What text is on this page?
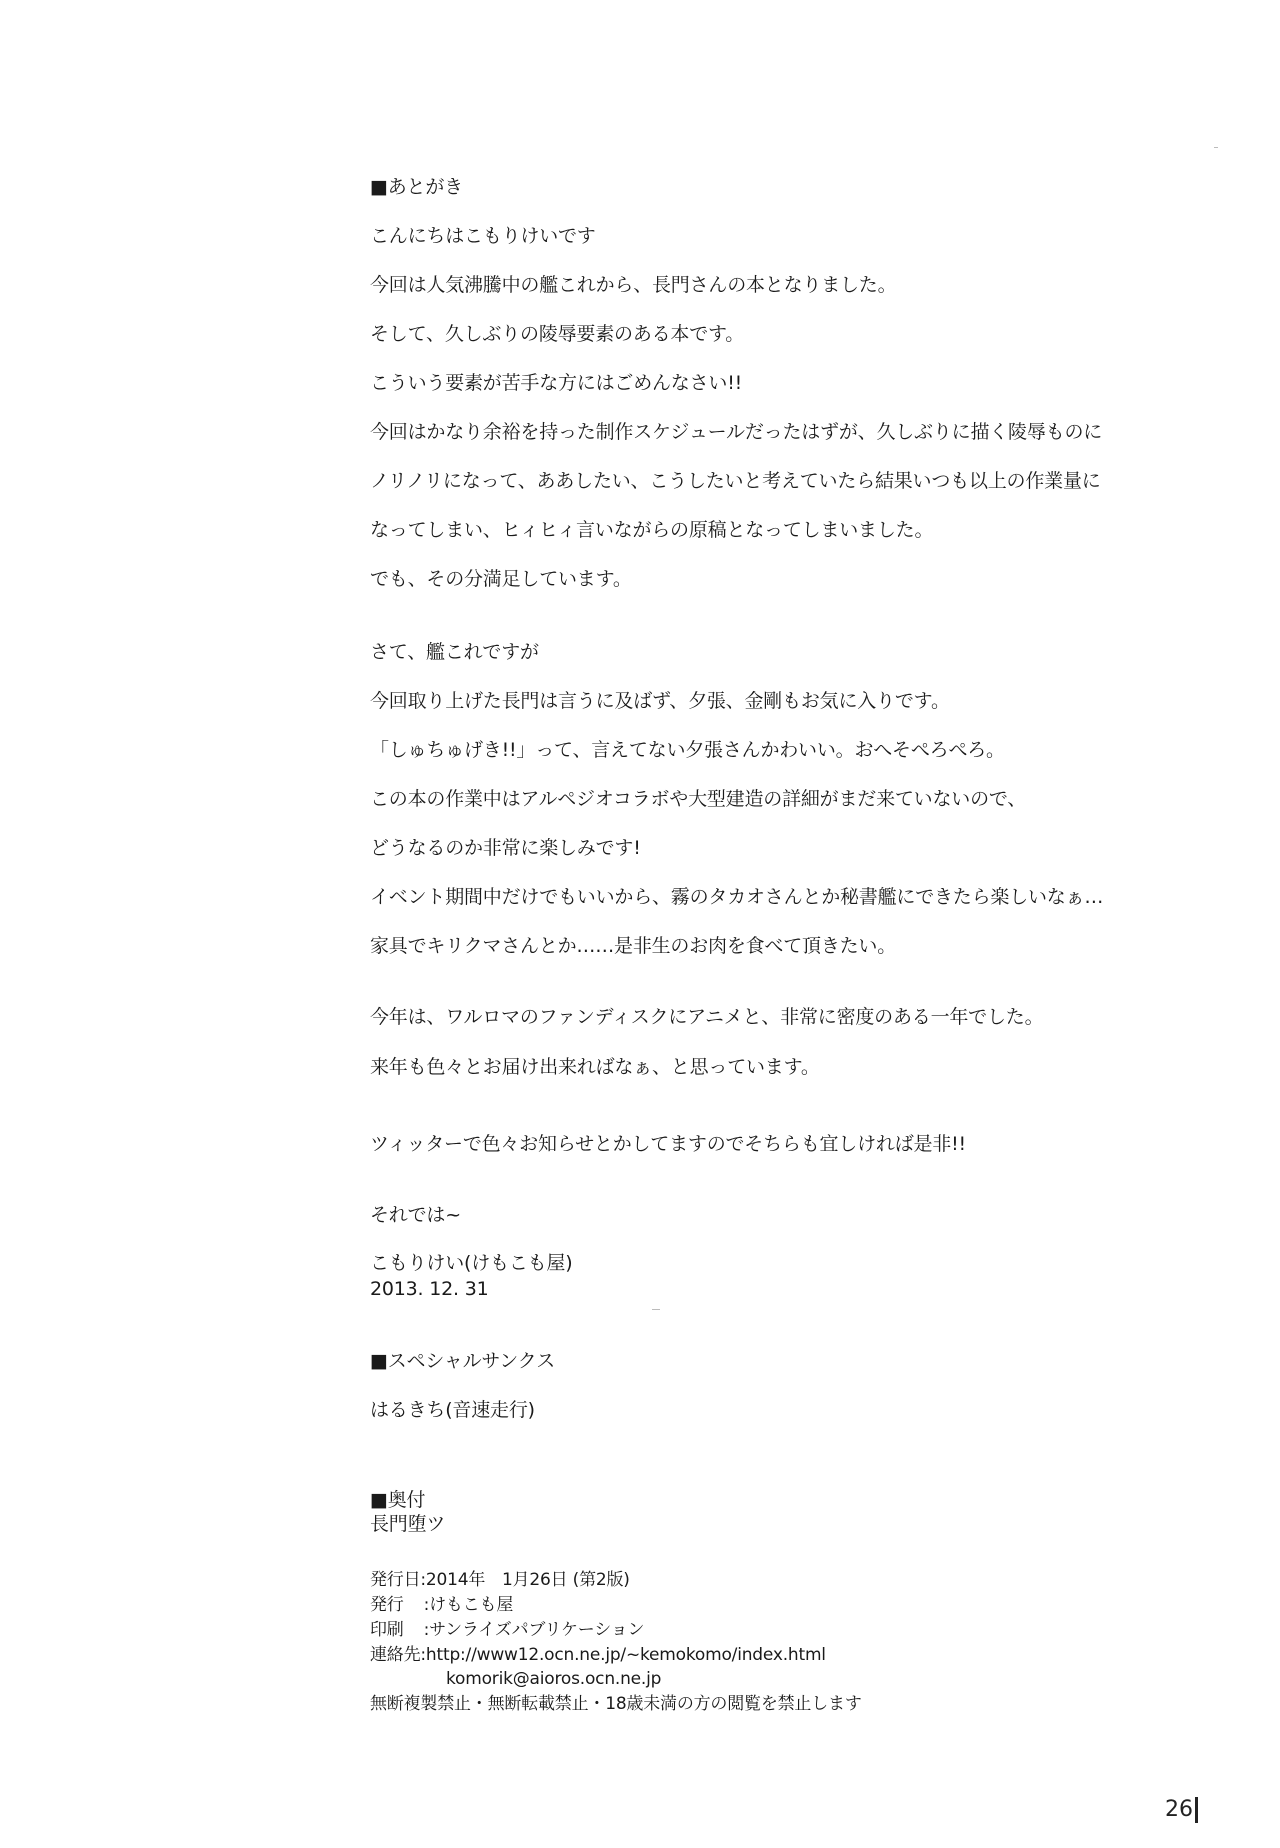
■あとがき
こんにちはこもりけいです
今回は人気沸騰中の艦これから、長門さんの本となりました。
そして、久しぶりの陵辱要素のある本です。
こういう要素が苦手な方にはごめんなさい!!
今回はかなり余裕を持った制作スケジュールだったはずが、久しぶりに描く陵辱ものに
ノリノリになって、ああしたい、こうしたいと考えていたら結果いつも以上の作業量に
なってしまい、ヒィヒィ言いながらの原稿となってしまいました。
でも、その分満足しています。
さて、艦これですが
今回取り上げた長門は言うに及ばず、夕張、金剛もお気に入りです。
「しゅちゅげき!!」って、言えてない夕張さんかわいい。おへそぺろぺろ。
この本の作業中はアルペジオコラボや大型建造の詳細がまだ来ていないので、
どうなるのか非常に楽しみです!
イベント期間中だけでもいいから、霧のタカオさんとか秘書艦にできたら楽しいなぁ…
家具でキリクマさんとか……是非生のお肉を食べて頂きたい。
今年は、ワルロマのファンディスクにアニメと、非常に密度のある一年でした。
来年も色々とお届け出来ればなぁ、と思っています。
ツィッターで色々お知らせとかしてますのでそちらも宜しければ是非!!
それでは~
こもりけい(けもこも屋)
2013. 12. 31
■スペシャルサンクス
はるきち(音速走行)
■奥付
長門堕ツ
発行日:2014年　1月26日 (第2版)
発行 :けもこも屋
印刷 :サンライズパブリケーション
連絡先:http://www12.ocn.ne.jp/~kemokomo/index.html
komorik@aioros.ocn.ne.jp
無断複製禁止・無断転載禁止・18歳未満の方の閲覧を禁止します
26
